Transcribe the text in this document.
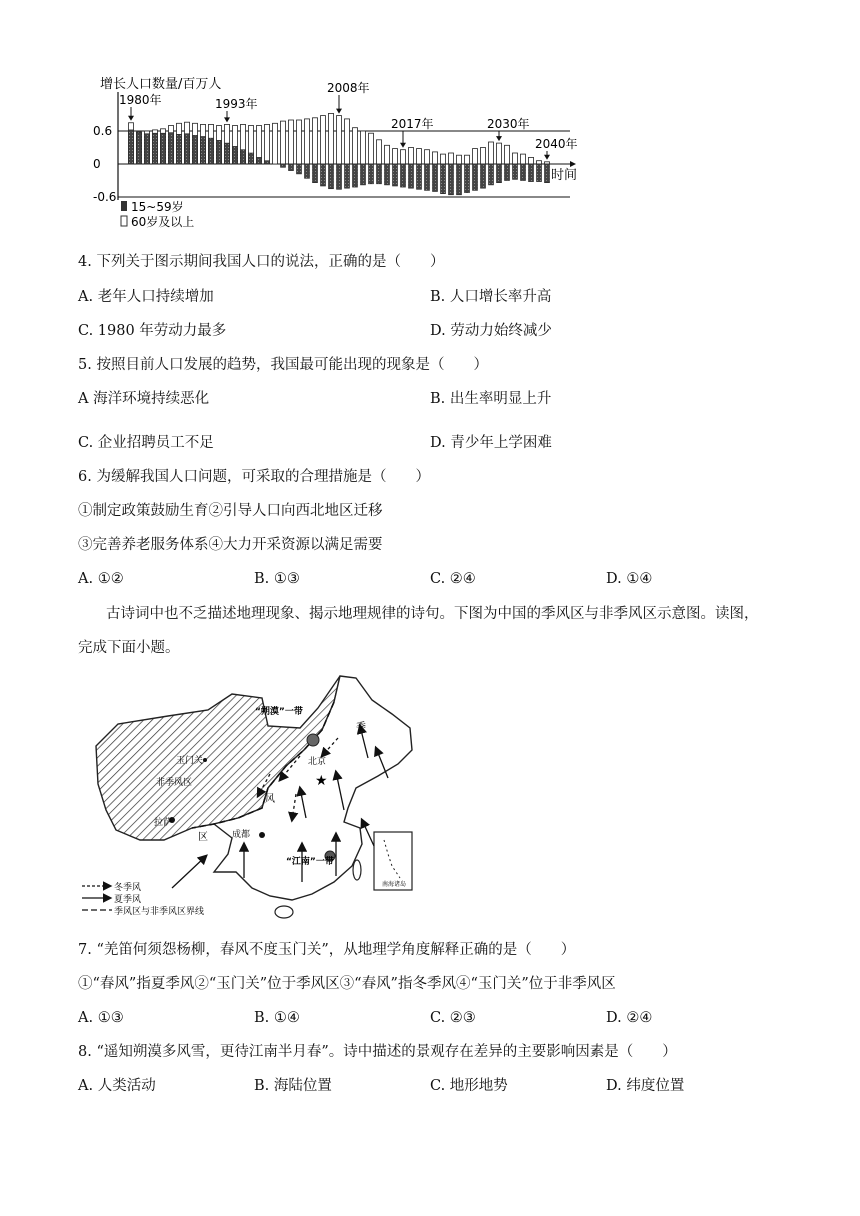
增长人口数量/百万人
0.6
0
-0.6
1980年	1993年
2008年
2017年	2030年
2040年
时间
15~59岁
60岁及以上
4. 下列关于图示期间我国人口的说法，正确的是（　　）
A. 老年人口持续增加	B. 人口增长率升高
C. 1980 年劳动力最多	D. 劳动力始终减少
5. 按照目前人口发展的趋势，我国最可能出现的现象是（　　）
A 海洋环境持续恶化	B. 出生率明显上升
C. 企业招聘员工不足	D. 青少年上学困难
6. 为缓解我国人口问题，可采取的合理措施是（　　）
①制定政策鼓励生育②引导人口向西北地区迁移
③完善养老服务体系④大力开采资源以满足需要
A. ①②	B. ①③	C. ②④	D. ①④
古诗词中也不乏描述地理现象、揭示地理规律的诗句。下图为中国的季风区与非季风区示意图。读图，
完成下面小题。
南海诸岛
★
“朔漠”一带
玉门关
非季风区
拉萨
北京
季
风
区	成都
“江南”一带
冬季风
夏季风
季风区与非季风区界线
7. “羌笛何须怨杨柳，春风不度玉门关”，从地理学角度解释正确的是（　　）
①“春风”指夏季风②“玉门关”位于季风区③“春风”指冬季风④“玉门关”位于非季风区
A. ①③	B. ①④	C. ②③	D. ②④
8. “遥知朔漠多风雪，更待江南半月春”。诗中描述的景观存在差异的主要影响因素是（　　）
A. 人类活动	B. 海陆位置	C. 地形地势	D. 纬度位置
